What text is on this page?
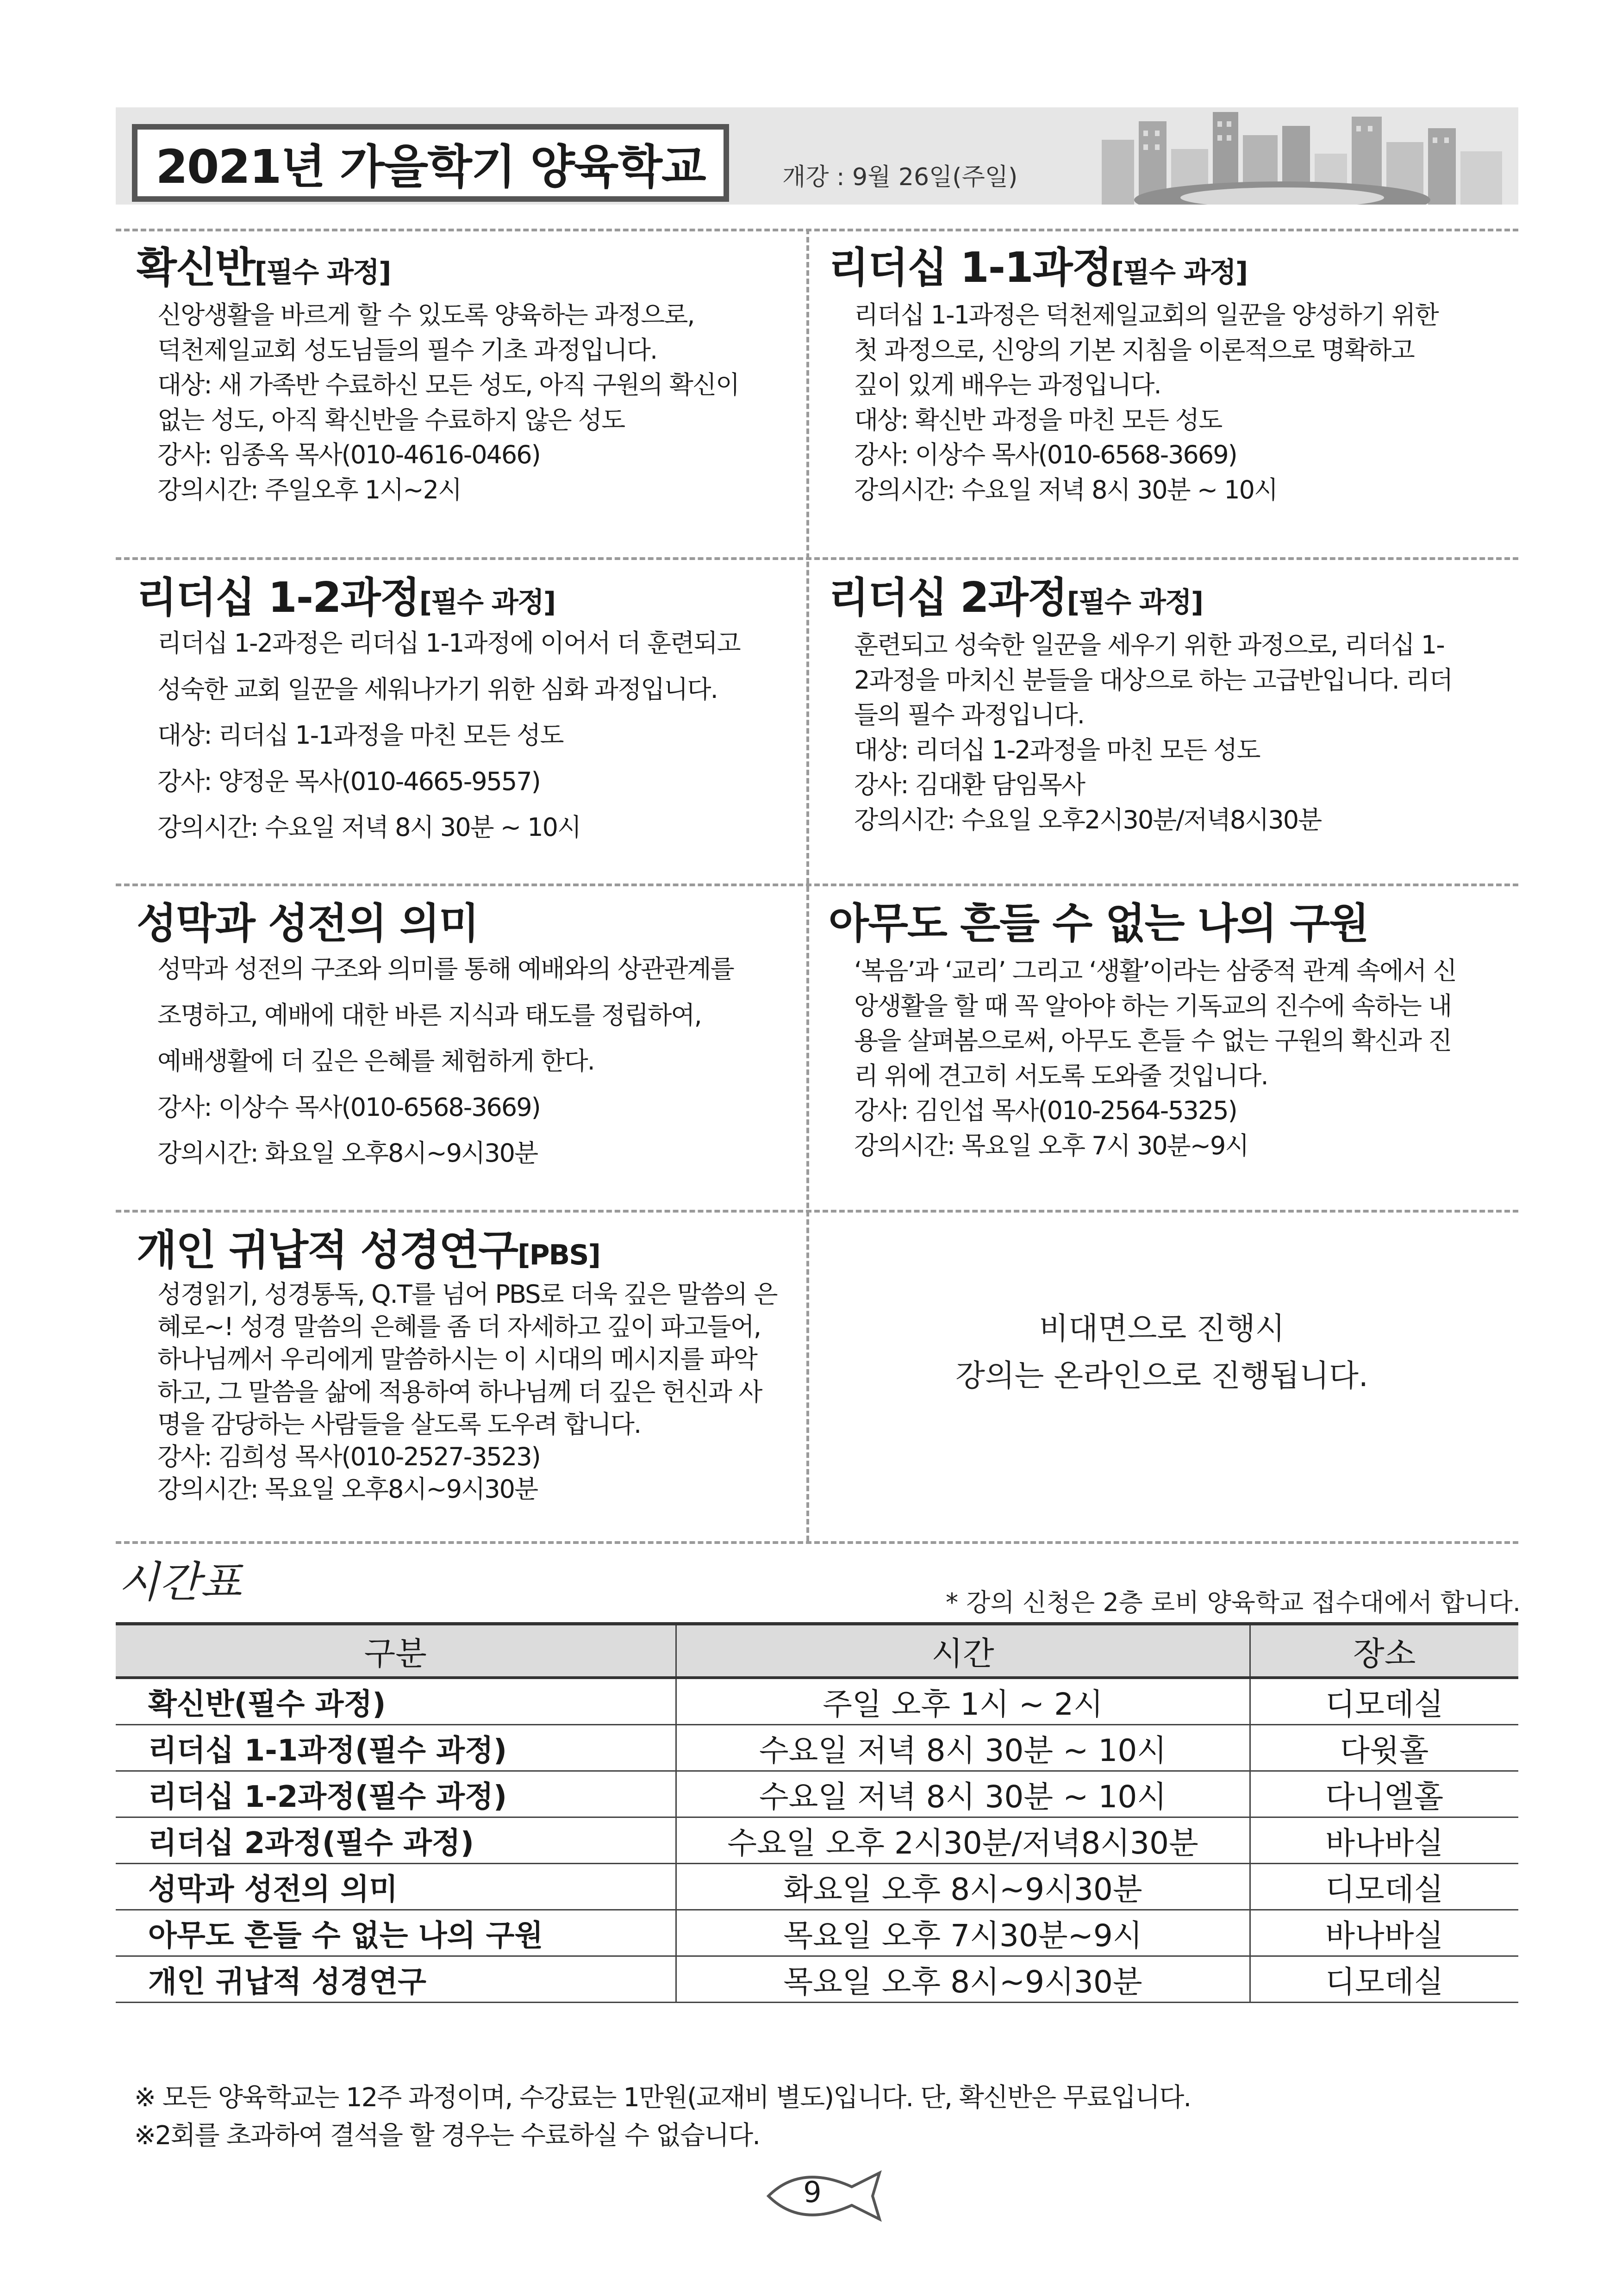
2021년 가을학기 양육학교	개강 : 9월 26일(주일)
확신반[필수 과정]

신앙생활을 바르게 할 수 있도록 양육하는 과정으로,

덕천제일교회 성도님들의 필수 기초 과정입니다.

대상: 새 가족반 수료하신 모든 성도, 아직 구원의 확신이

없는 성도, 아직 확신반을 수료하지 않은 성도

강사: 임종옥 목사(010-4616-0466)

강의시간: 주일오후 1시~2시

리더십 1-1과정[필수 과정]

리더십 1-1과정은 덕천제일교회의 일꾼을 양성하기 위한

첫 과정으로, 신앙의 기본 지침을 이론적으로 명확하고

깊이 있게 배우는 과정입니다.

대상: 확신반 과정을 마친 모든 성도

강사: 이상수 목사(010-6568-3669)

강의시간: 수요일 저녁 8시 30분 ~ 10시

리더십 1-2과정[필수 과정]

리더십 1-2과정은 리더십 1-1과정에 이어서 더 훈련되고

성숙한 교회 일꾼을 세워나가기 위한 심화 과정입니다.

대상: 리더십 1-1과정을 마친 모든 성도

강사: 양정운 목사(010-4665-9557)

강의시간: 수요일 저녁 8시 30분 ~ 10시

리더십 2과정[필수 과정]

훈련되고 성숙한 일꾼을 세우기 위한 과정으로, 리더십 1-

2과정을 마치신 분들을 대상으로 하는 고급반입니다. 리더

들의 필수 과정입니다.

대상: 리더십 1-2과정을 마친 모든 성도

강사: 김대환 담임목사

강의시간: 수요일 오후2시30분/저녁8시30분

성막과 성전의 의미

성막과 성전의 구조와 의미를 통해 예배와의 상관관계를

조명하고, 예배에 대한 바른 지식과 태도를 정립하여,

예배생활에 더 깊은 은혜를 체험하게 한다.

강사: 이상수 목사(010-6568-3669)

강의시간: 화요일 오후8시~9시30분

아무도 흔들 수 없는 나의 구원

‘복음’과 ‘교리’ 그리고 ‘생활’이라는 삼중적 관계 속에서 신

앙생활을 할 때 꼭 알아야 하는 기독교의 진수에 속하는 내

용을 살펴봄으로써, 아무도 흔들 수 없는 구원의 확신과 진

리 위에 견고히 서도록 도와줄 것입니다.

강사: 김인섭 목사(010-2564-5325)

강의시간: 목요일 오후 7시 30분~9시

개인 귀납적 성경연구[PBS]

성경읽기, 성경통독, Q.T를 넘어 PBS로 더욱 깊은 말씀의 은

혜로~! 성경 말씀의 은혜를 좀 더 자세하고 깊이 파고들어,

하나님께서 우리에게 말씀하시는 이 시대의 메시지를 파악

하고, 그 말씀을 삶에 적용하여 하나님께 더 깊은 헌신과 사

명을 감당하는 사람들을 살도록 도우려 합니다.

강사: 김희성 목사(010-2527-3523)

강의시간: 목요일 오후8시~9시30분

비대면으로 진행시
강의는 온라인으로 진행됩니다.
시간표	* 강의 신청은 2층 로비 양육학교 접수대에서 합니다.
구분	시간	장소
확신반(필수 과정)	주일 오후 1시 ~ 2시	디모데실
리더십 1-1과정(필수 과정)	수요일 저녁 8시 30분 ~ 10시	다윗홀
리더십 1-2과정(필수 과정)	수요일 저녁 8시 30분 ~ 10시	다니엘홀
리더십 2과정(필수 과정)	수요일 오후 2시30분/저녁8시30분	바나바실
성막과 성전의 의미	화요일 오후 8시~9시30분	디모데실
아무도 흔들 수 없는 나의 구원	목요일 오후 7시30분~9시	바나바실
개인 귀납적 성경연구	목요일 오후 8시~9시30분	디모데실
※ 모든 양육학교는 12주 과정이며, 수강료는 1만원(교재비 별도)입니다. 단, 확신반은 무료입니다.
※2회를 초과하여 결석을 할 경우는 수료하실 수 없습니다.
9
